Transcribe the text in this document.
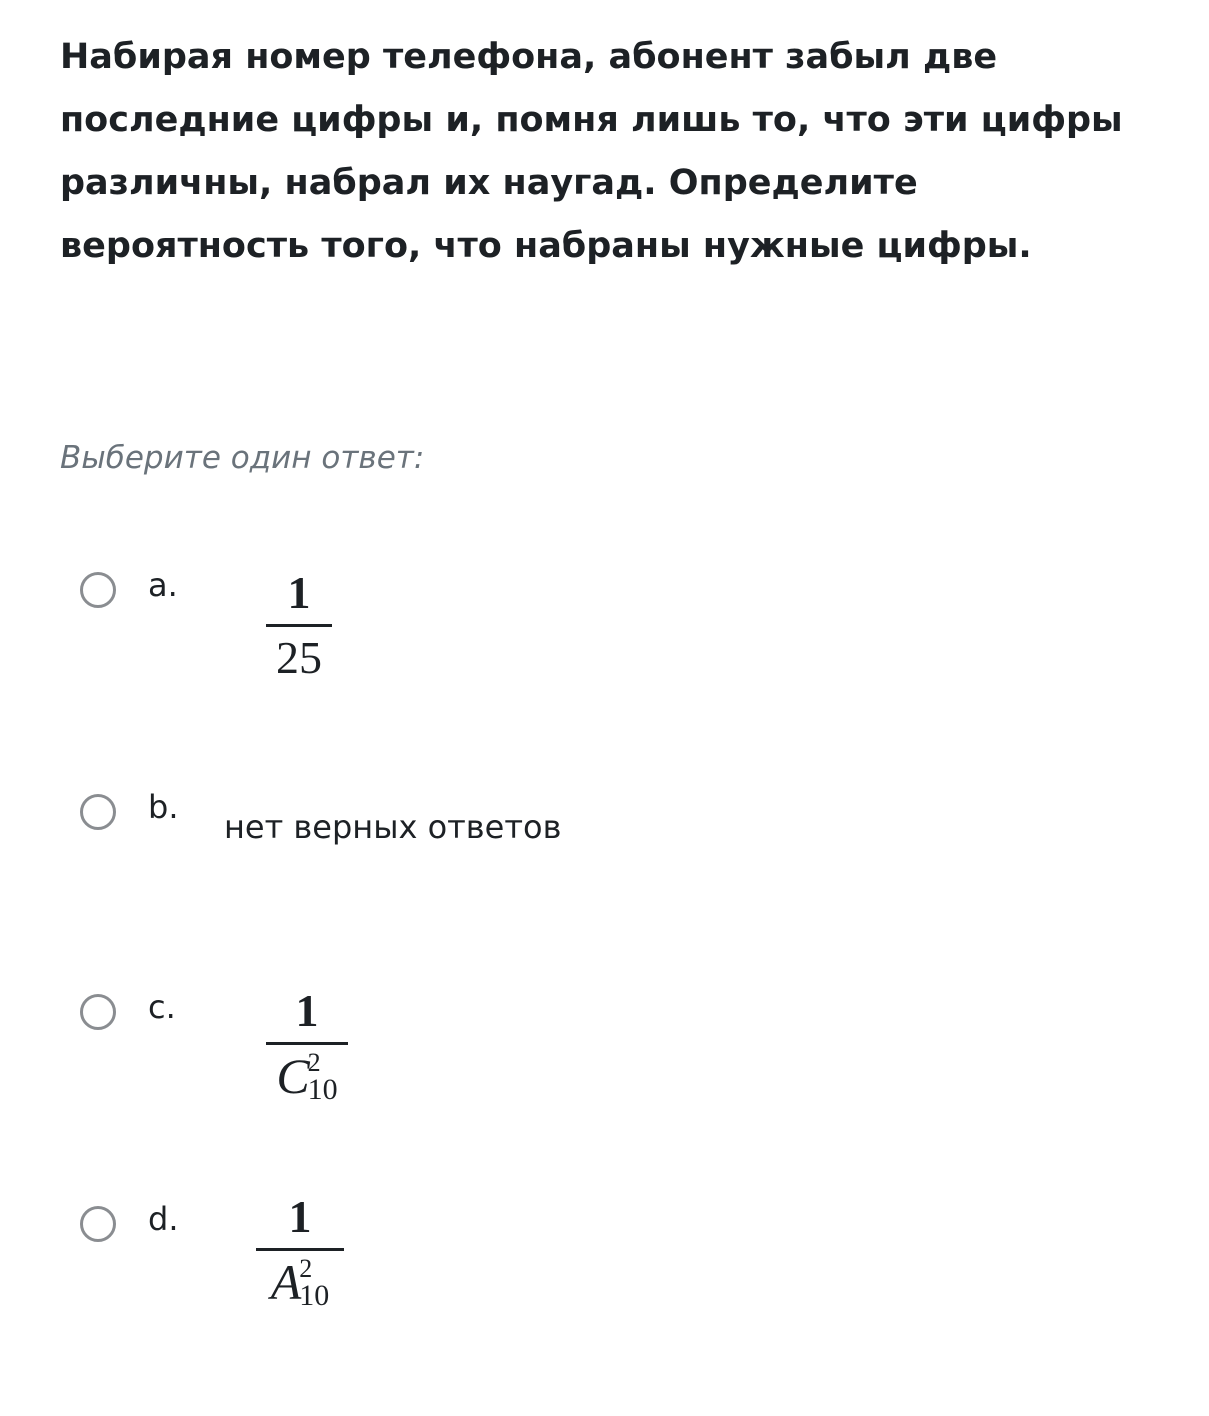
Набирая номер телефона, абонент забыл две последние цифры и, помня лишь то, что эти цифры различны, набрал их наугад. Определите вероятность того, что набраны нужные цифры.

Выберите один ответ:

a.	1
25
b.
нет верных ответов
c.	1
C
2
10
d.	1
A
2
10
